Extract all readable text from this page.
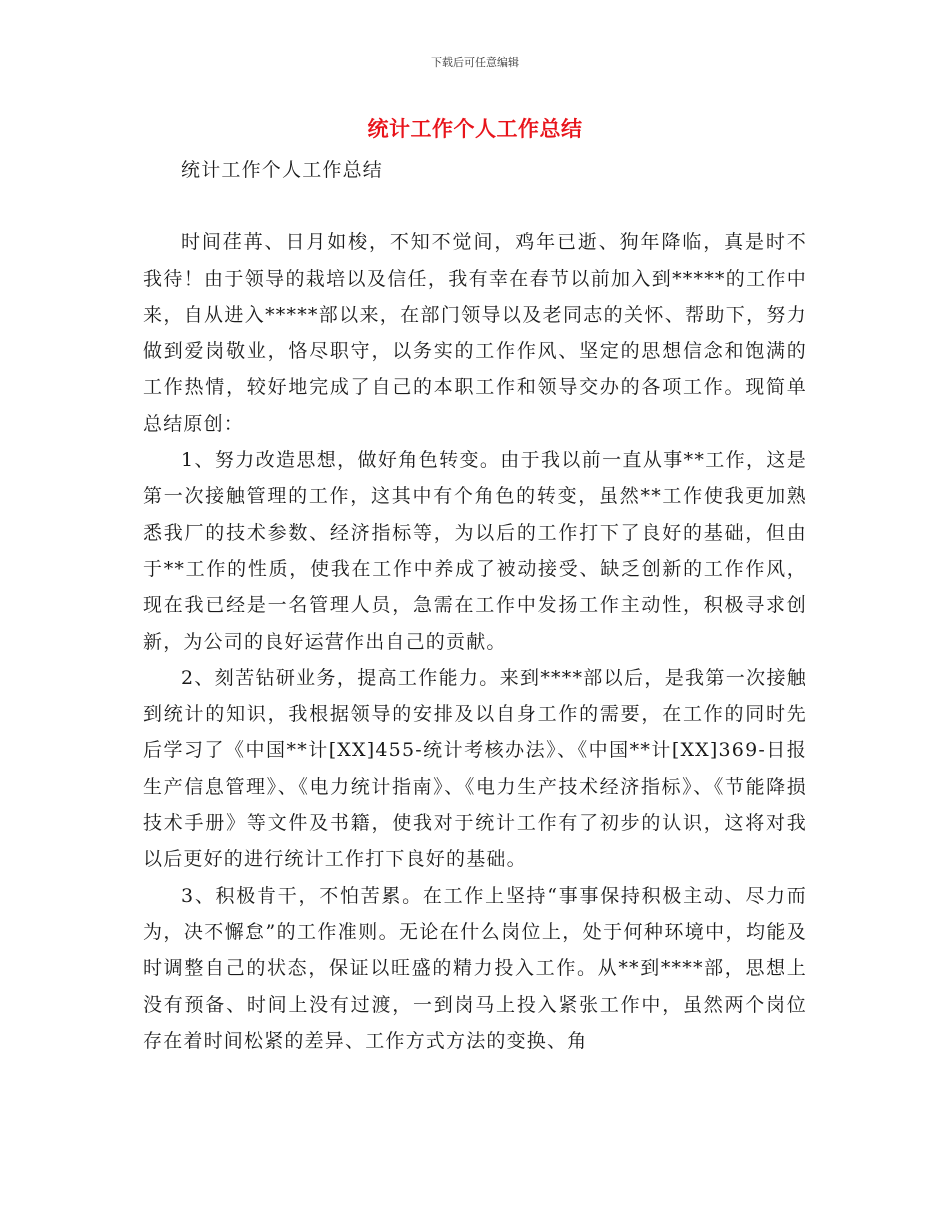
下载后可任意编辑
统计工作个人工作总结

统计工作个人工作总结

时间荏苒、日月如梭，不知不觉间，鸡年已逝、狗年降临，真是时不我待！由于领导的栽培以及信任，我有幸在春节以前加入到*****的工作中来，自从进入*****部以来，在部门领导以及老同志的关怀、帮助下，努力做到爱岗敬业，恪尽职守，以务实的工作作风、坚定的思想信念和饱满的工作热情，较好地完成了自己的本职工作和领导交办的各项工作。现简单总结原创：

1、努力改造思想，做好角色转变。由于我以前一直从事**工作，这是第一次接触管理的工作，这其中有个角色的转变，虽然**工作使我更加熟悉我厂的技术参数、经济指标等，为以后的工作打下了良好的基础，但由于**工作的性质，使我在工作中养成了被动接受、缺乏创新的工作作风，现在我已经是一名管理人员，急需在工作中发扬工作主动性，积极寻求创新，为公司的良好运营作出自己的贡献。

2、刻苦钻研业务，提高工作能力。来到****部以后，是我第一次接触到统计的知识，我根据领导的安排及以自身工作的需要，在工作的同时先后学习了《中国**计[XX]455-统计考核办法》、《中国**计[XX]369-日报生产信息管理》、《电力统计指南》、《电力生产技术经济指标》、《节能降损技术手册》等文件及书籍，使我对于统计工作有了初步的认识，这将对我以后更好的进行统计工作打下良好的基础。

3、积极肯干，不怕苦累。在工作上坚持“事事保持积极主动、尽力而为，决不懈怠”的工作准则。无论在什么岗位上，处于何种环境中，均能及时调整自己的状态，保证以旺盛的精力投入工作。从**到****部，思想上没有预备、时间上没有过渡，一到岗马上投入紧张工作中，虽然两个岗位存在着时间松紧的差异、工作方式方法的变换、角
